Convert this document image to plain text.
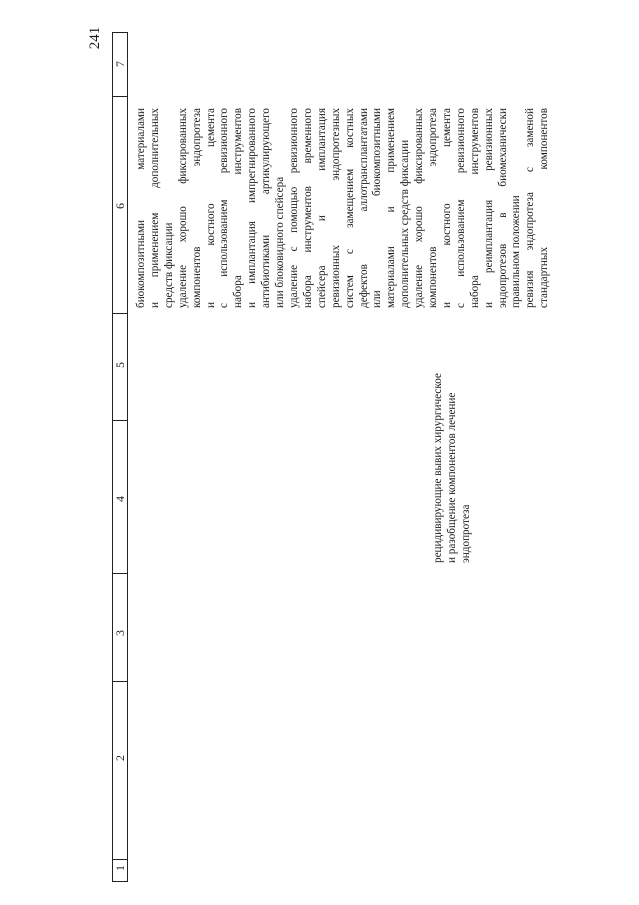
241
1
2
3
4
5
6
7
рецидивирующие вывих хирургическое и разобщение компонентов лечение эндопротеза
биокомпозитными материалами и применением дополнительных средств фиксации удаление хорошо фиксированных компонентов эндопротеза и костного цемента с использованием ревизионного набора инструментов и имплантация импрегнированного антибиотиками артикулирующего или блоковидного спейсера удаление с помощью ревизионного набора инструментов временного спейсера и имплантация ревизионных эндопротезных систем с замещением костных дефектов аллотрансплантатами или биокомпозитными материалами и применением дополнительных средств фиксации удаление хорошо фиксированных компонентов эндопротеза и костного цемента с использованием ревизионного набора инструментов и реимплантация ревизионных эндопротезов в биомеханически правильном положении ревизия эндопротеза с заменой стандартных компонентов
